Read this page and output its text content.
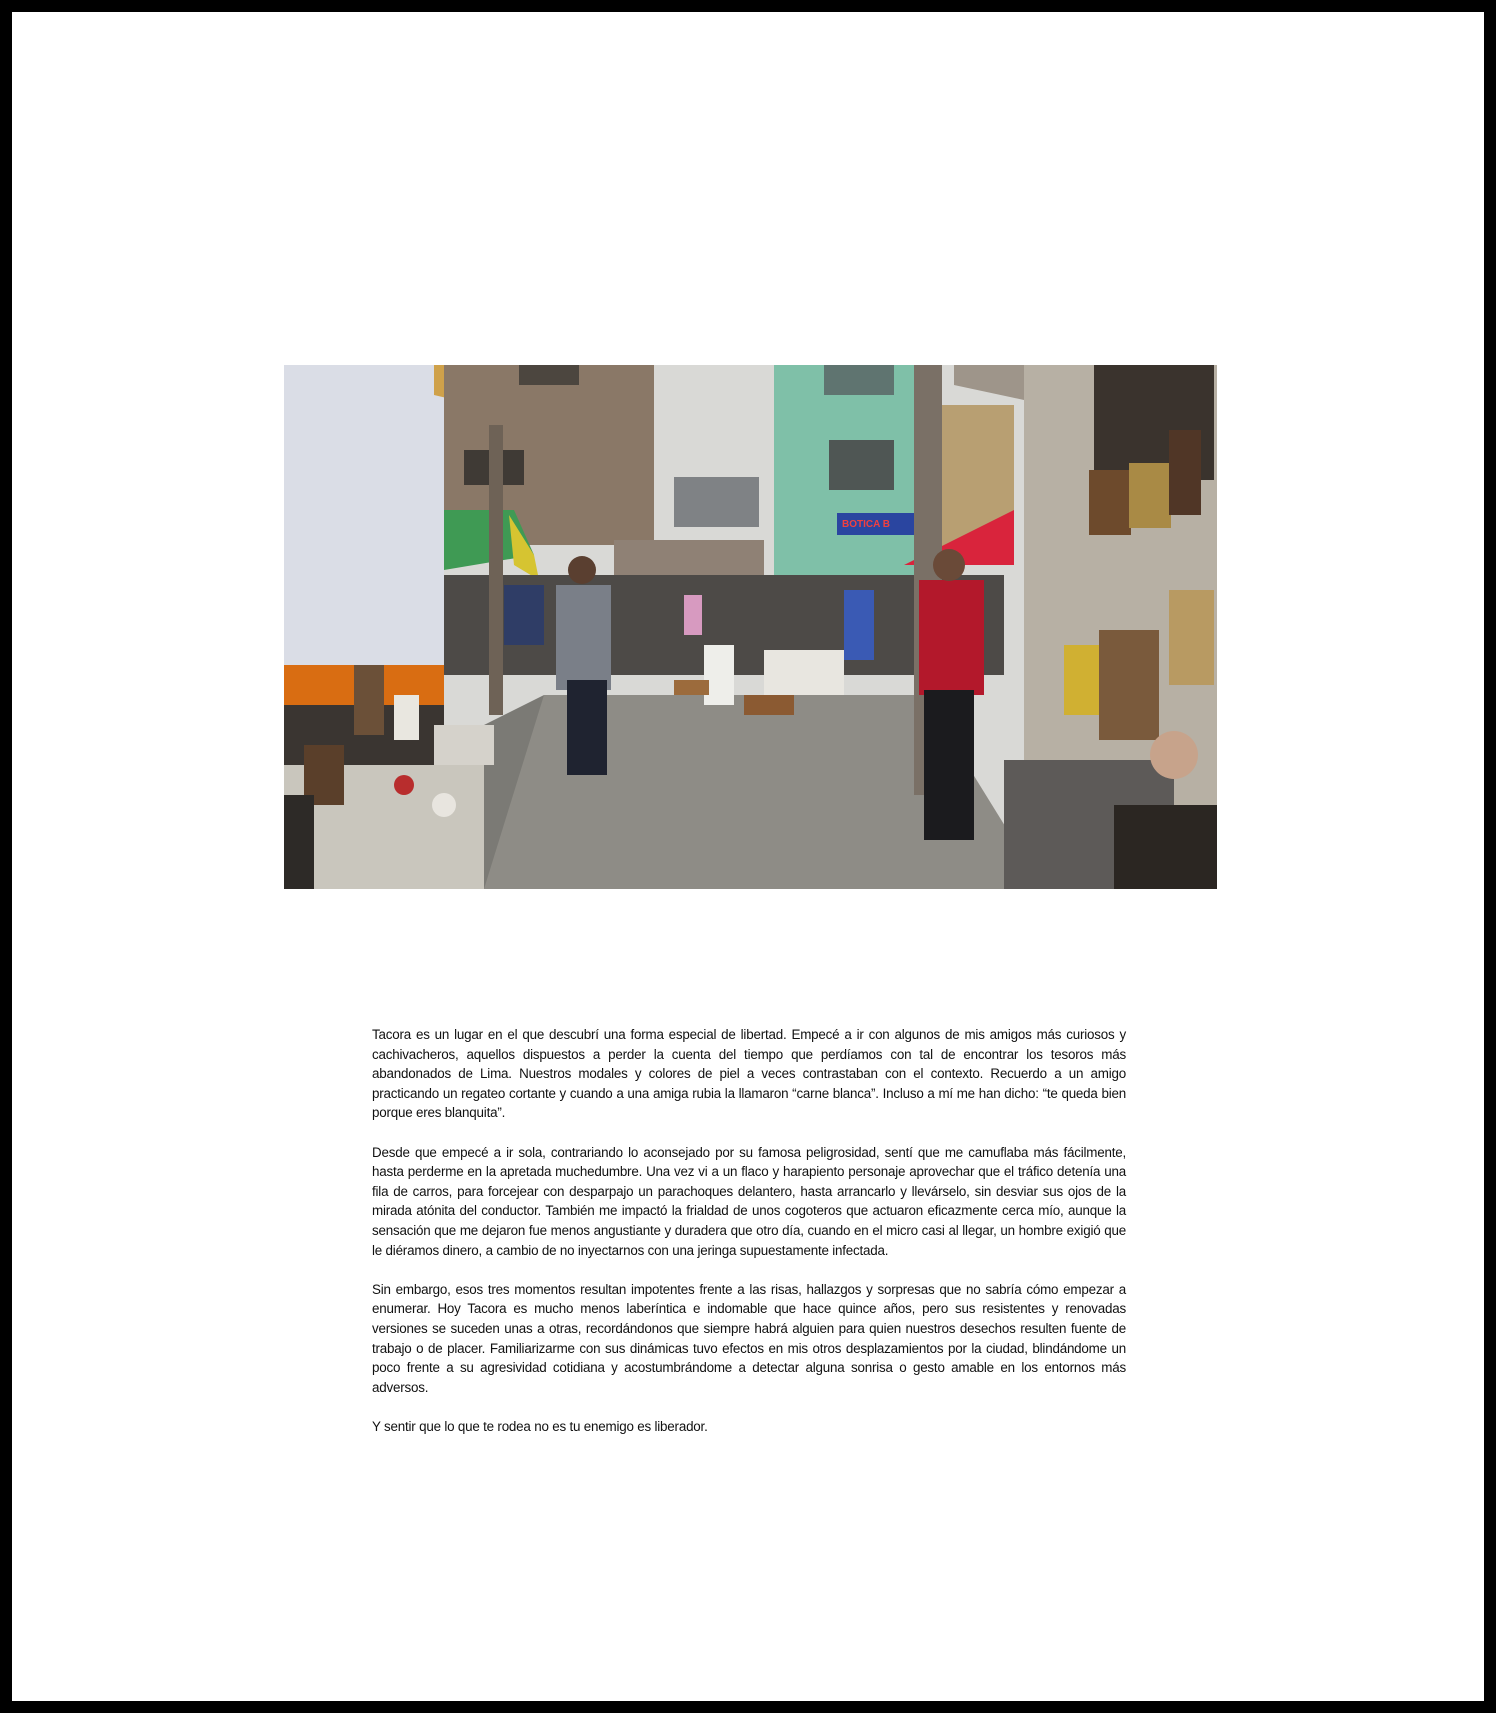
BOTICA B

Tacora es un lugar en el que descubrí una forma especial de libertad. Empecé a ir con algunos de mis amigos más curiosos y cachivacheros, aquellos dispuestos a perder la cuenta del tiempo que perdíamos con tal de encontrar los tesoros más abandonados de Lima. Nuestros modales y colores de piel a veces contrastaban con el contexto. Recuerdo a un amigo practicando un regateo cortante y cuando a una amiga rubia la llamaron “carne blanca”. Incluso a mí me han dicho: “te queda bien porque eres blanquita”.

Desde que empecé a ir sola, contrariando lo aconsejado por su famosa peligrosidad, sentí que me camuflaba más fácilmente, hasta perderme en la apretada muchedumbre. Una vez vi a un flaco y harapiento personaje aprovechar que el tráfico detenía una fila de carros, para forcejear con desparpajo un parachoques delantero, hasta arrancarlo y llevárselo, sin desviar sus ojos de la mirada atónita del conductor. También me impactó la frialdad de unos cogoteros que actuaron eficazmente cerca mío, aunque la sensación que me dejaron fue menos angustiante y duradera que otro día, cuando en el micro casi al llegar, un hombre exigió que le diéramos dinero, a cambio de no inyectarnos con una jeringa supuestamente infectada.

Sin embargo, esos tres momentos resultan impotentes frente a las risas, hallazgos y sorpresas que no sabría cómo empezar a enumerar. Hoy Tacora es mucho menos laberíntica e indomable que hace quince años, pero sus resistentes y renovadas versiones se suceden unas a otras, recordándonos que siempre habrá alguien para quien nuestros desechos resulten fuente de trabajo o de placer. Familiarizarme con sus dinámicas tuvo efectos en mis otros desplazamientos por la ciudad, blindándome un poco frente a su agresividad cotidiana y acostumbrándome a detectar alguna sonrisa o gesto amable en los entornos más adversos.

Y sentir que lo que te rodea no es tu enemigo es liberador.
